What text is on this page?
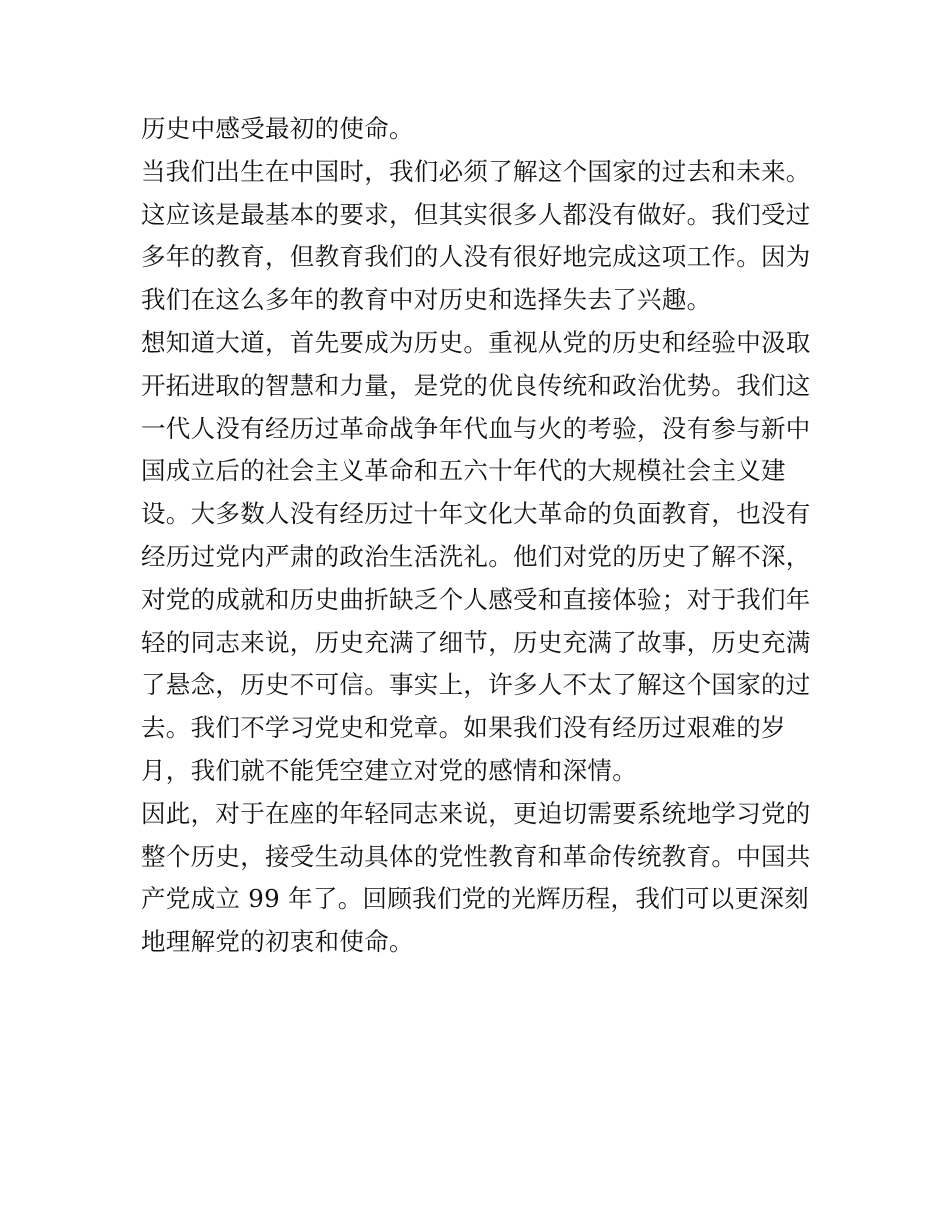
历史中感受最初的使命。
当我们出生在中国时，我们必须了解这个国家的过去和未来。
这应该是最基本的要求，但其实很多人都没有做好。我们受过
多年的教育，但教育我们的人没有很好地完成这项工作。因为
我们在这么多年的教育中对历史和选择失去了兴趣。
想知道大道，首先要成为历史。重视从党的历史和经验中汲取
开拓进取的智慧和力量，是党的优良传统和政治优势。我们这
一代人没有经历过革命战争年代血与火的考验，没有参与新中
国成立后的社会主义革命和五六十年代的大规模社会主义建
设。大多数人没有经历过十年文化大革命的负面教育，也没有
经历过党内严肃的政治生活洗礼。他们对党的历史了解不深，
对党的成就和历史曲折缺乏个人感受和直接体验；对于我们年
轻的同志来说，历史充满了细节，历史充满了故事，历史充满
了悬念，历史不可信。事实上，许多人不太了解这个国家的过
去。我们不学习党史和党章。如果我们没有经历过艰难的岁
月，我们就不能凭空建立对党的感情和深情。
因此，对于在座的年轻同志来说，更迫切需要系统地学习党的
整个历史，接受生动具体的党性教育和革命传统教育。中国共
产党成立 99 年了。回顾我们党的光辉历程，我们可以更深刻
地理解党的初衷和使命。
